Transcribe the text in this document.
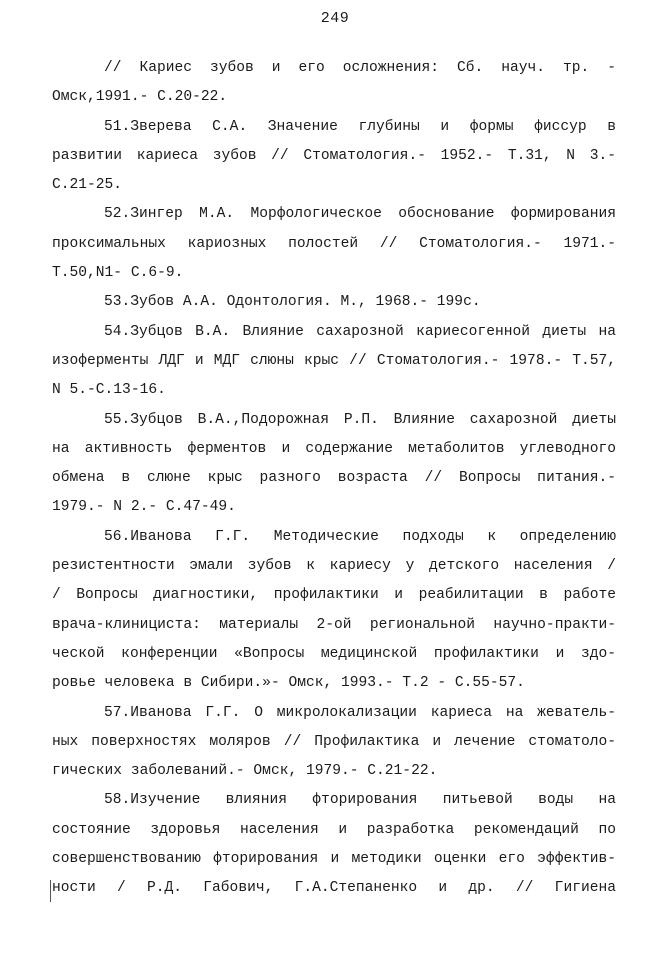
249
// Кариес зубов и его осложнения: Сб. науч. тр. -
Омск,1991.- С.20-22.
51.Зверева С.А. Значение глубины и формы фиссур в
развитии кариеса зубов // Стоматология.- 1952.- Т.31, N 3.-
С.21-25.
52.Зингер М.А. Морфологическое обоснование формирования
проксимальных кариозных полостей // Стоматология.- 1971.-
Т.50,N1- С.6-9.
53.Зубов А.А. Одонтология. М., 1968.- 199с.
54.Зубцов В.А. Влияние сахарозной кариесогенной диеты на
изоферменты ЛДГ и МДГ слюны крыс // Стоматология.- 1978.- Т.57,
N 5.-С.13-16.
55.Зубцов В.А.,Подорожная Р.П. Влияние сахарозной диеты
на активность ферментов и содержание метаболитов углеводного
обмена в слюне крыс разного возраста // Вопросы питания.-
1979.- N 2.- С.47-49.
56.Иванова Г.Г. Методические подходы к определению
резистентности эмали зубов к кариесу у детского населения /
/ Вопросы диагностики, профилактики и реабилитации в работе
врача-клинициста: материалы 2-ой региональной научно-практи-
ческой конференции «Вопросы медицинской профилактики и здо-
ровье человека в Сибири.»- Омск, 1993.- Т.2 - С.55-57.
57.Иванова Г.Г. О микролокализации кариеса на жеватель-
ных поверхностях моляров // Профилактика и лечение стоматоло-
гических заболеваний.- Омск, 1979.- С.21-22.
58.Изучение влияния фторирования питьевой воды на
состояние здоровья населения и разработка рекомендаций по
совершенствованию фторирования и методики оценки его эффектив-
ности / Р.Д. Габович, Г.А.Степаненко и др. // Гигиена
